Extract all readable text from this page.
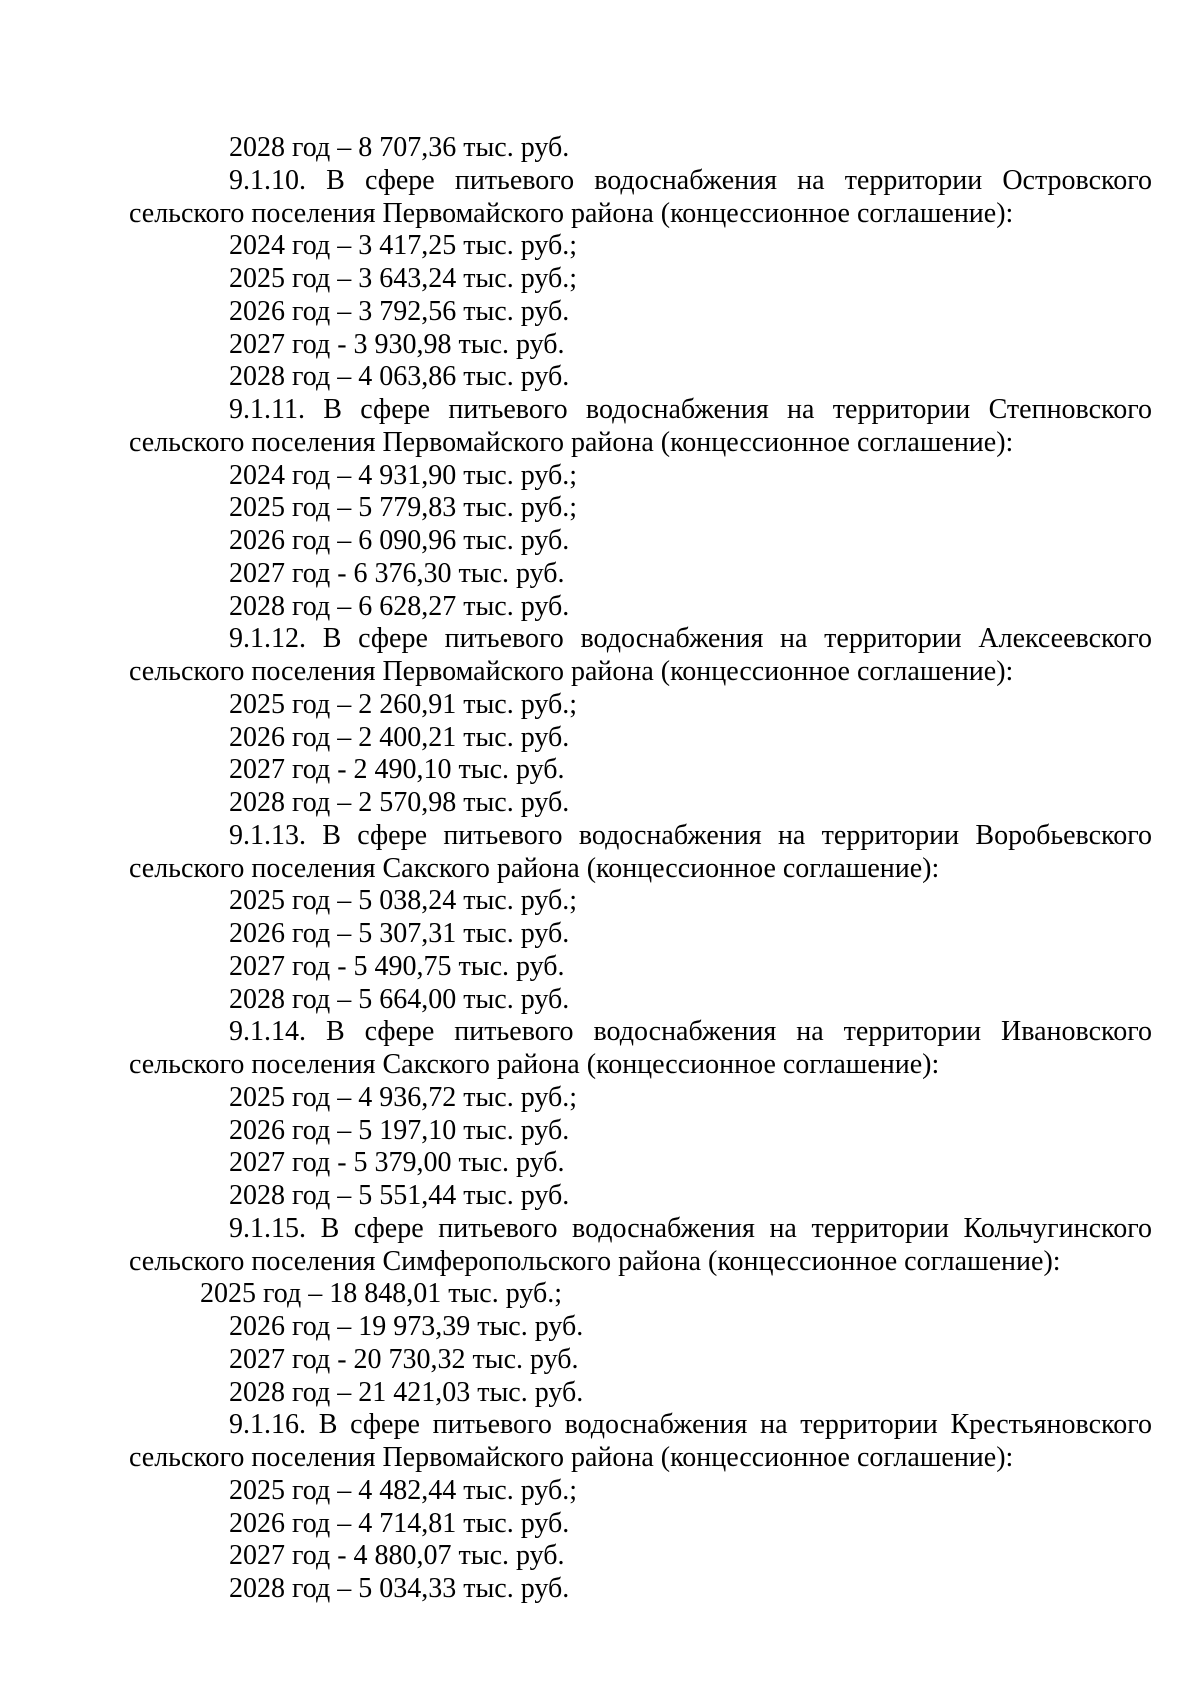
2028 год – 8 707,36 тыс. руб.

9.1.10. В сфере питьевого водоснабжения на территории Островского сельского поселения Первомайского района (концессионное соглашение):

2024 год – 3 417,25 тыс. руб.;
2025 год – 3 643,24 тыс. руб.;
2026 год – 3 792,56 тыс. руб.
2027 год - 3 930,98 тыс. руб.
2028 год – 4 063,86 тыс. руб.

9.1.11. В сфере питьевого водоснабжения на территории Степновского сельского поселения Первомайского района (концессионное соглашение):

2024 год – 4 931,90 тыс. руб.;
2025 год – 5 779,83 тыс. руб.;
2026 год – 6 090,96 тыс. руб.
2027 год - 6 376,30 тыс. руб.
2028 год – 6 628,27 тыс. руб.

9.1.12. В сфере питьевого водоснабжения на территории Алексеевского сельского поселения Первомайского района (концессионное соглашение):

2025 год – 2 260,91 тыс. руб.;
2026 год – 2 400,21 тыс. руб.
2027 год - 2 490,10 тыс. руб.
2028 год – 2 570,98 тыс. руб.

9.1.13. В сфере питьевого водоснабжения на территории Воробьевского сельского поселения Сакского района (концессионное соглашение):

2025 год – 5 038,24 тыс. руб.;
2026 год – 5 307,31 тыс. руб.
2027 год - 5 490,75 тыс. руб.
2028 год – 5 664,00 тыс. руб.

9.1.14. В сфере питьевого водоснабжения на территории Ивановского сельского поселения Сакского района (концессионное соглашение):

2025 год – 4 936,72 тыс. руб.;
2026 год – 5 197,10 тыс. руб.
2027 год - 5 379,00 тыс. руб.
2028 год – 5 551,44 тыс. руб.

9.1.15. В сфере питьевого водоснабжения на территории Кольчугинского сельского поселения Симферопольского района (концессионное соглашение):

2025 год – 18 848,01 тыс. руб.;
2026 год – 19 973,39 тыс. руб.
2027 год - 20 730,32 тыс. руб.
2028 год – 21 421,03 тыс. руб.

9.1.16. В сфере питьевого водоснабжения на территории Крестьяновского сельского поселения Первомайского района (концессионное соглашение):

2025 год – 4 482,44 тыс. руб.;
2026 год – 4 714,81 тыс. руб.
2027 год - 4 880,07 тыс. руб.
2028 год – 5 034,33 тыс. руб.
